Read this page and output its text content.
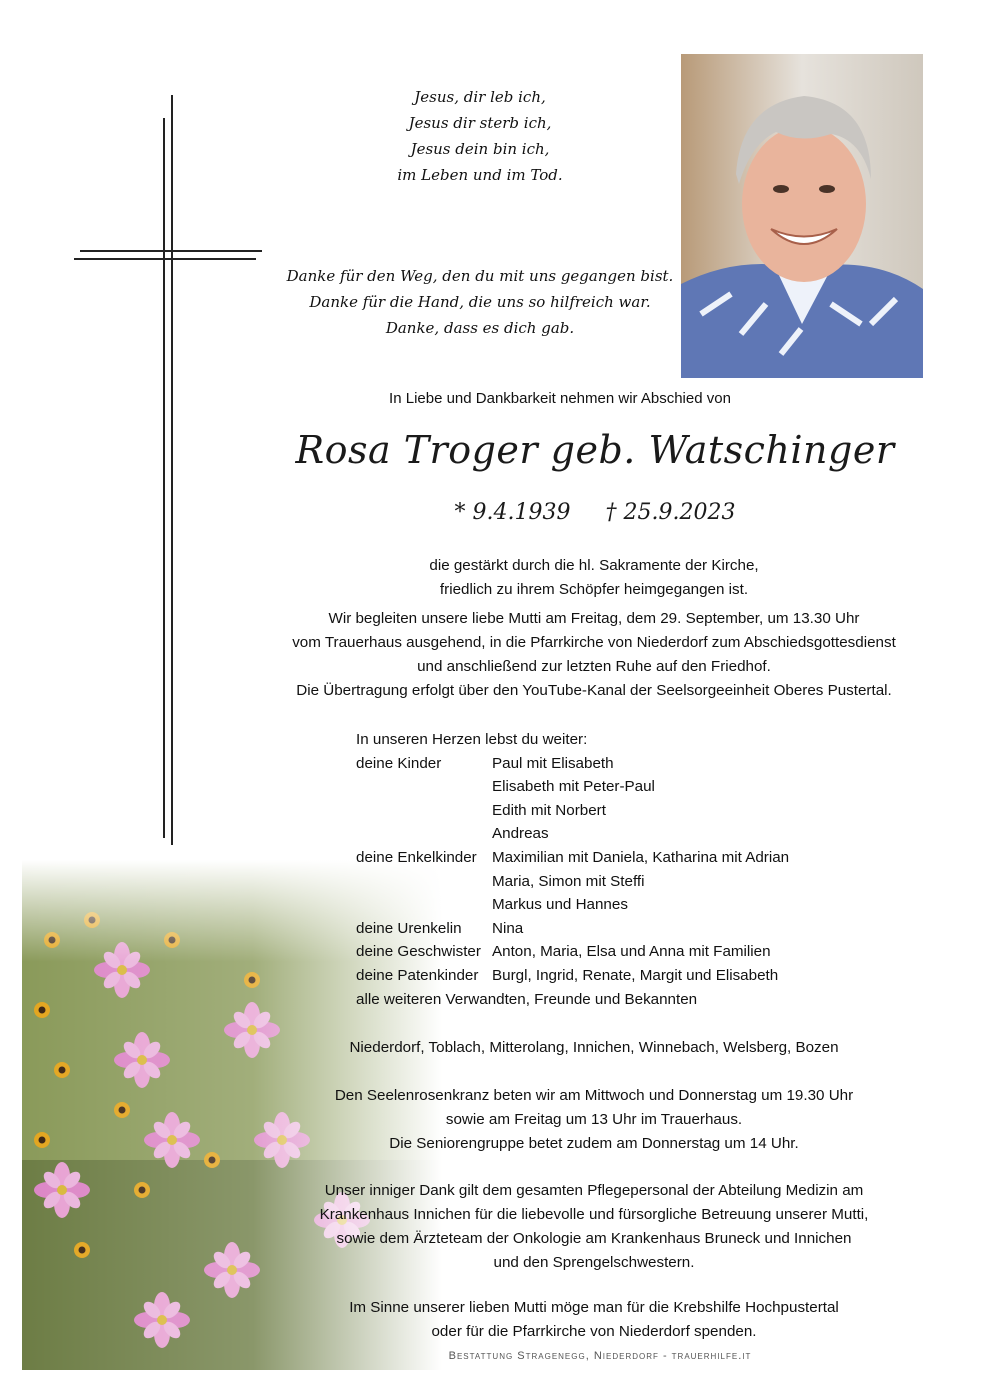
Jesus, dir leb ich,
Jesus dir sterb ich,
Jesus dein bin ich,
im Leben und im Tod.
Danke für den Weg, den du mit uns gegangen bist.
Danke für die Hand, die uns so hilfreich war.
Danke, dass es dich gab.
In Liebe und Dankbarkeit nehmen wir Abschied von
Rosa Troger geb. Watschinger
* 9.4.1939 † 25.9.2023
die gestärkt durch die hl. Sakramente der Kirche,
friedlich zu ihrem Schöpfer heimgegangen ist.
Wir begleiten unsere liebe Mutti am Freitag, dem 29. September, um 13.30 Uhr
vom Trauerhaus ausgehend, in die Pfarrkirche von Niederdorf zum Abschiedsgottesdienst
und anschließend zur letzten Ruhe auf den Friedhof.
Die Übertragung erfolgt über den YouTube-Kanal der Seelsorgeeinheit Oberes Pustertal.
In unseren Herzen lebst du weiter:
deine Kinder	Paul mit Elisabeth
Elisabeth mit Peter-Paul
Edith mit Norbert
Andreas
deine Enkelkinder	Maximilian mit Daniela, Katharina mit Adrian
Maria, Simon mit Steffi
Markus und Hannes
deine Urenkelin	Nina
deine Geschwister Anton, Maria, Elsa und Anna mit Familien
deine Patenkinder Burgl, Ingrid, Renate, Margit und Elisabeth
alle weiteren Verwandten, Freunde und Bekannten
Niederdorf, Toblach, Mitterolang, Innichen, Winnebach, Welsberg, Bozen
Den Seelenrosenkranz beten wir am Mittwoch und Donnerstag um 19.30 Uhr
sowie am Freitag um 13 Uhr im Trauerhaus.
Die Seniorengruppe betet zudem am Donnerstag um 14 Uhr.
Unser inniger Dank gilt dem gesamten Pflegepersonal der Abteilung Medizin am
Krankenhaus Innichen für die liebevolle und fürsorgliche Betreuung unserer Mutti,
sowie dem Ärzteteam der Onkologie am Krankenhaus Bruneck und Innichen
und den Sprengelschwestern.
Im Sinne unserer lieben Mutti möge man für die Krebshilfe Hochpustertal
oder für die Pfarrkirche von Niederdorf spenden.
Bestattung Stragenegg, Niederdorf - trauerhilfe.it
